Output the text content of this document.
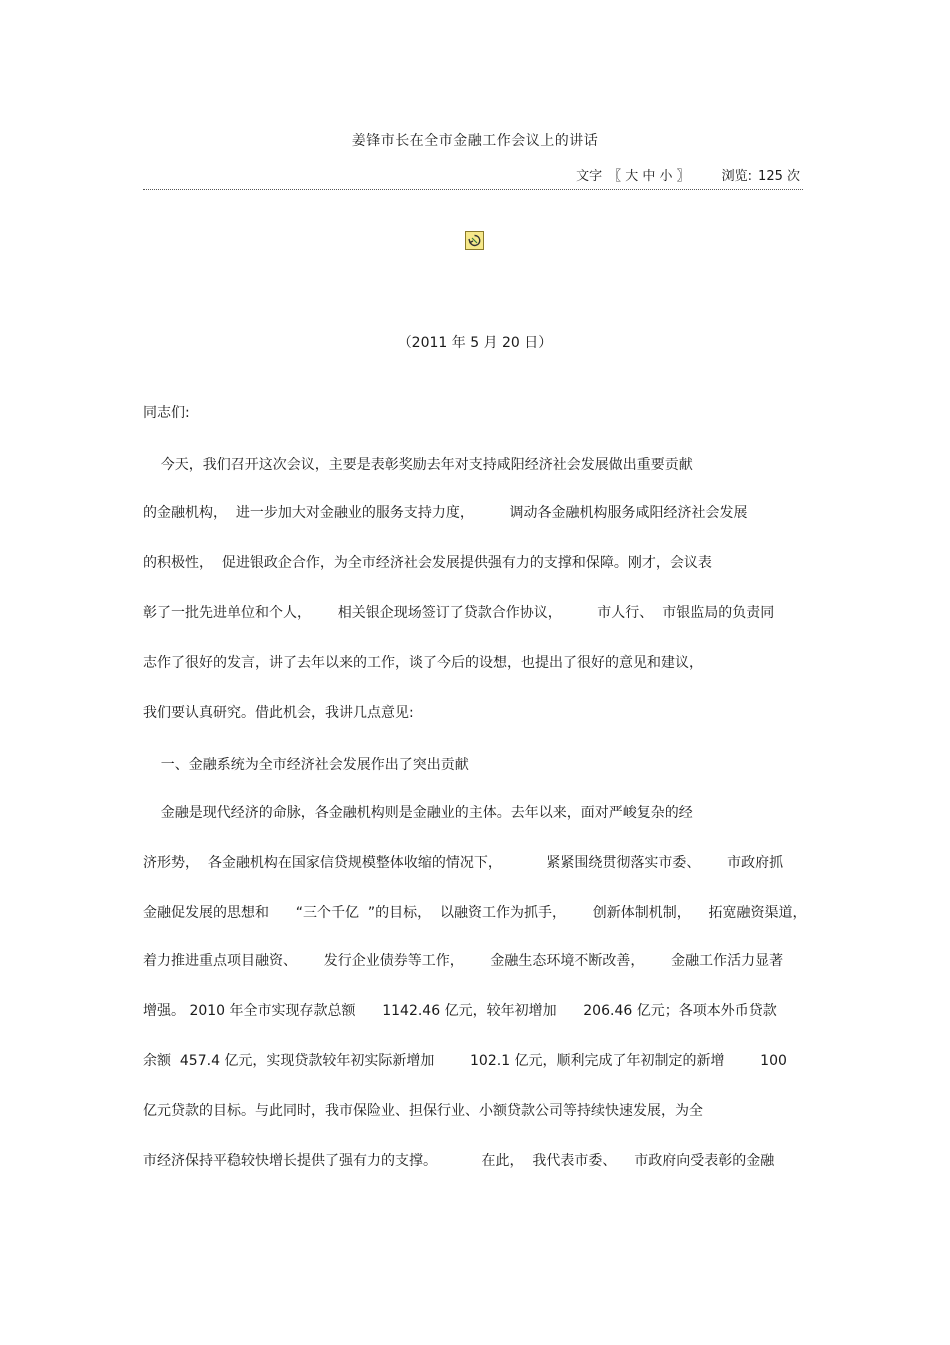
姜锋市长在全市金融工作会议上的讲话
文字 〖 大 中 小 〗 浏览: 125 次
（2011 年 5 月 20 日）
同志们:
今天，我们召开这次会议，主要是表彰奖励去年对支持咸阳经济社会发展做出重要贡献
的金融机构，  进一步加大对金融业的服务支持力度，        调动各金融机构服务咸阳经济社会发展
的积极性，  促进银政企合作，为全市经济社会发展提供强有力的支撑和保障。刚才，会议表
彰了一批先进单位和个人，      相关银企现场签订了贷款合作协议，        市人行、  市银监局的负责同
志作了很好的发言，讲了去年以来的工作，谈了今后的设想，也提出了很好的意见和建议，
我们要认真研究。借此机会，我讲几点意见:
一、金融系统为全市经济社会发展作出了突出贡献
金融是现代经济的命脉，各金融机构则是金融业的主体。去年以来，面对严峻复杂的经
济形势，  各金融机构在国家信贷规模整体收缩的情况下，          紧紧围绕贯彻落实市委、      市政府抓
金融促发展的思想和      “三个千亿  ”的目标，  以融资工作为抓手，      创新体制机制，    拓宽融资渠道，
着力推进重点项目融资、      发行企业债券等工作，      金融生态环境不断改善，      金融工作活力显著
增强。 2010 年全市实现存款总额      1142.46 亿元，较年初增加      206.46 亿元；各项本外币贷款
余额  457.4 亿元，实现贷款较年初实际新增加        102.1 亿元，顺利完成了年初制定的新增        100
亿元贷款的目标。与此同时，我市保险业、担保行业、小额贷款公司等持续快速发展，为全
市经济保持平稳较快增长提供了强有力的支撑。          在此，  我代表市委、    市政府向受表彰的金融
